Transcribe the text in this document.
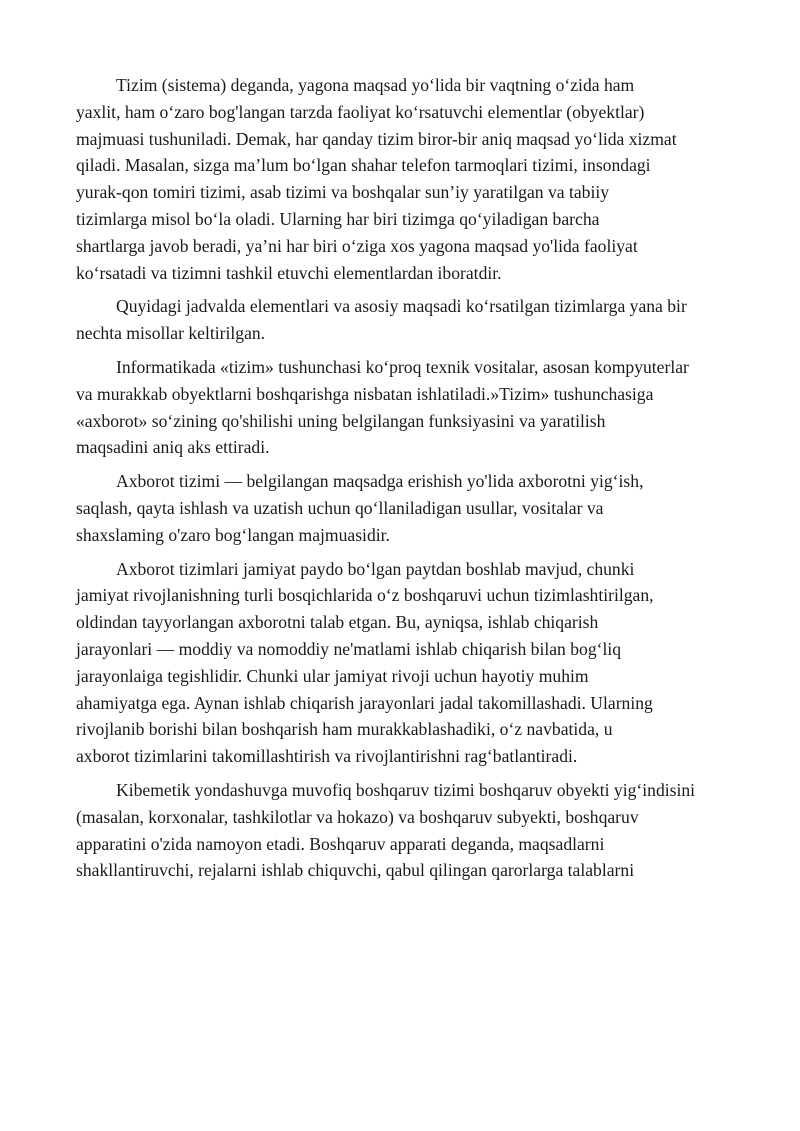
Tizim (sistema) deganda, yagona maqsad yo‘lida bir vaqtning o‘zida ham
yaxlit, ham o‘zaro bog'langan tarzda faoliyat ko‘rsatuvchi elementlar (obyektlar)
majmuasi tushuniladi. Demak, har qanday tizim biror-bir aniq maqsad yo‘lida xizmat
qiladi. Masalan, sizga ma’lum bo‘lgan shahar telefon tarmoqlari tizimi, insondagi
yurak-qon tomiri tizimi, asab tizimi va boshqalar sun’iy yaratilgan va tabiiy
tizimlarga misol bo‘la oladi. Ularning har biri tizimga qo‘yiladigan barcha
shartlarga javob beradi, ya’ni har biri o‘ziga xos yagona maqsad yo'lida faoliyat
ko‘rsatadi va tizimni tashkil etuvchi elementlardan iboratdir.

Quyidagi jadvalda elementlari va asosiy maqsadi ko‘rsatilgan tizimlarga yana bir
nechta misollar keltirilgan.

Informatikada «tizim» tushunchasi ko‘proq texnik vositalar, asosan kompyuterlar
va murakkab obyektlarni boshqarishga nisbatan ishlatiladi.»Tizim» tushunchasiga
«axborot» so‘zining qo'shilishi uning belgilangan funksiyasini va yaratilish
maqsadini aniq aks ettiradi.

Axborot tizimi — belgilangan maqsadga erishish yo'lida axborotni yig‘ish,
saqlash, qayta ishlash va uzatish uchun qo‘llaniladigan usullar, vositalar va
shaxslaming o'zaro bog‘langan majmuasidir.

Axborot tizimlari jamiyat paydo bo‘lgan paytdan boshlab mavjud, chunki
jamiyat rivojlanishning turli bosqichlarida o‘z boshqaruvi uchun tizimlashtirilgan,
oldindan tayyorlangan axborotni talab etgan. Bu, ayniqsa, ishlab chiqarish
jarayonlari — moddiy va nomoddiy ne'matlami ishlab chiqarish bilan bog‘liq
jarayonlaiga tegishlidir. Chunki ular jamiyat rivoji uchun hayotiy muhim
ahamiyatga ega. Aynan ishlab chiqarish jarayonlari jadal takomillashadi. Ularning
rivojlanib borishi bilan boshqarish ham murakkablashadiki, o‘z navbatida, u
axborot tizimlarini takomillashtirish va rivojlantirishni rag‘batlantiradi.

Kibemetik yondashuvga muvofiq boshqaruv tizimi boshqaruv obyekti yig‘indisini
(masalan, korxonalar, tashkilotlar va hokazo) va boshqaruv subyekti, boshqaruv
apparatini o'zida namoyon etadi. Boshqaruv apparati deganda, maqsadlarni
shakllantiruvchi, rejalarni ishlab chiquvchi, qabul qilingan qarorlarga talablarni
